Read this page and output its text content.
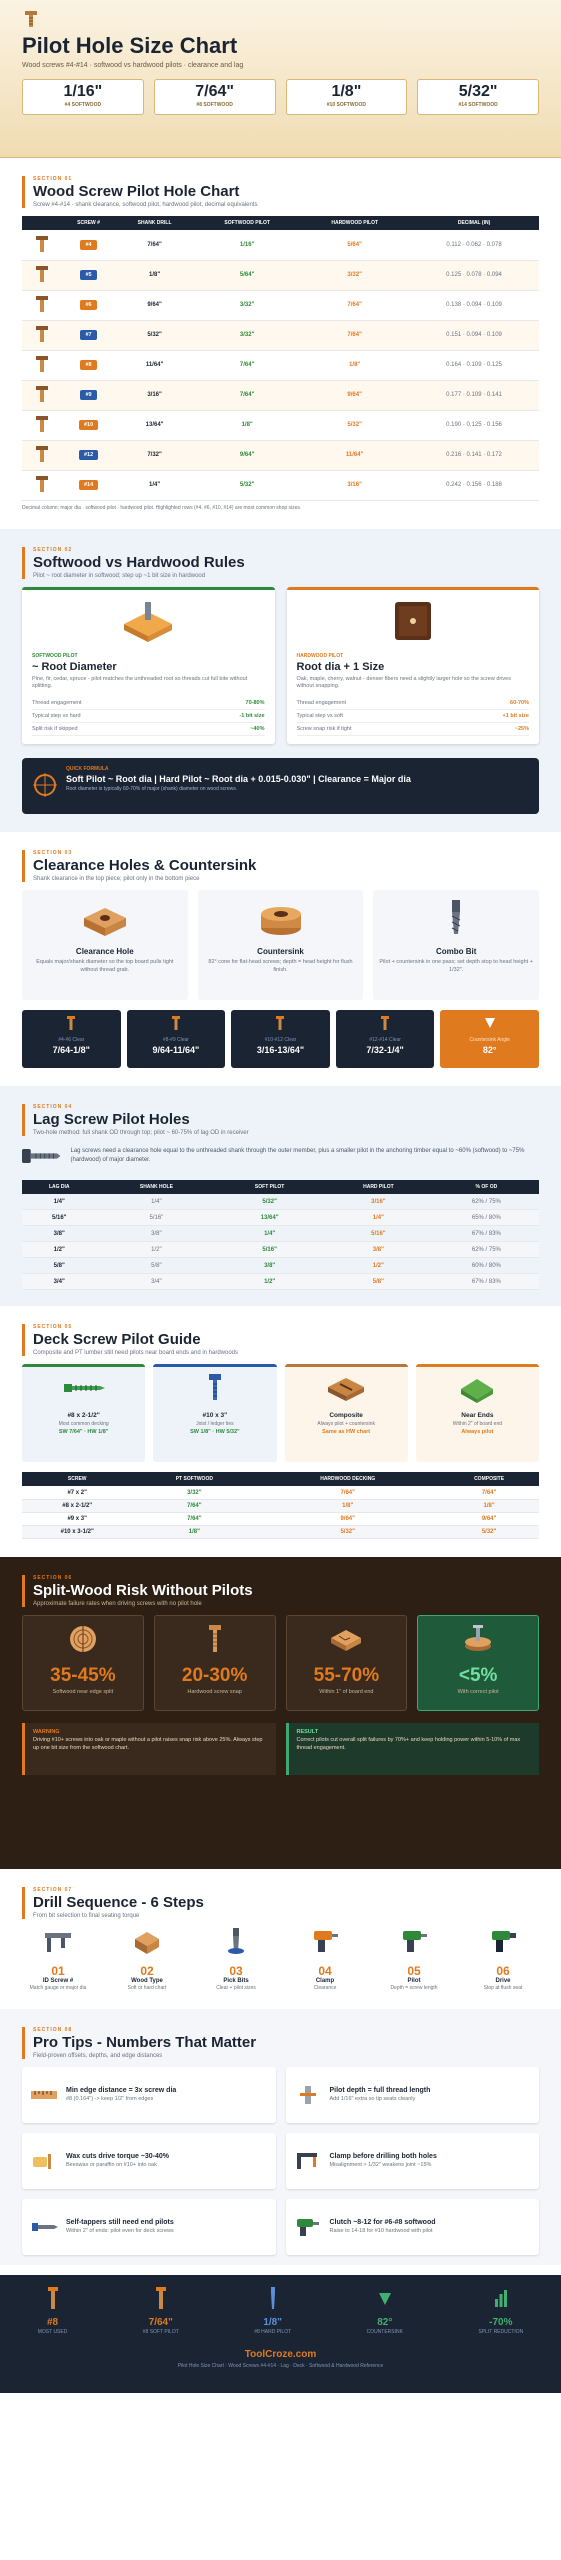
Pilot Hole Size Chart
Wood screws #4-#14 · softwood vs hardwood pilots · clearance and lag
1/16"
#4 SOFTWOOD
7/64"
#8 SOFTWOOD
1/8"
#10 SOFTWOOD
5/32"
#14 SOFTWOOD
SECTION 01
Wood Screw Pilot Hole Chart
Screw #4-#14 · shank clearance, softwood pilot, hardwood pilot, decimal equivalents
	SCREW #	SHANK DRILL	SOFTWOOD PILOT	HARDWOOD PILOT	DECIMAL (IN)
	#4	7/64"	1/16"	5/64"	0.112 · 0.062 · 0.078
	#5	1/8"	5/64"	3/32"	0.125 · 0.078 · 0.094
	#6	9/64"	3/32"	7/64"	0.138 · 0.094 · 0.109
	#7	5/32"	3/32"	7/64"	0.151 · 0.094 · 0.109
	#8	11/64"	7/64"	1/8"	0.164 · 0.109 · 0.125
	#9	3/16"	7/64"	9/64"	0.177 · 0.109 · 0.141
	#10	13/64"	1/8"	5/32"	0.190 · 0.125 · 0.156
	#12	7/32"	9/64"	11/64"	0.216 · 0.141 · 0.172
	#14	1/4"	5/32"	3/16"	0.242 · 0.156 · 0.188
Decimal column: major dia · softwood pilot · hardwood pilot. Highlighted rows (#4, #6, #10, #14) are most common shop sizes.
SECTION 02
Softwood vs Hardwood Rules
Pilot ~ root diameter in softwood; step up ~1 bit size in hardwood
SOFTWOOD PILOT
~ Root Diameter
Pine, fir, cedar, spruce - pilot matches the unthreaded root so threads cut full bite without splitting.
Thread engagement	70-80%
Typical step vs hard	-1 bit size
Split risk if skipped	~40%
HARDWOOD PILOT
Root dia + 1 Size
Oak, maple, cherry, walnut - denser fibers need a slightly larger hole so the screw drives without snapping.
Thread engagement	60-70%
Typical step vs soft	+1 bit size
Screw snap risk if tight	~25%
QUICK FORMULA
Soft Pilot ~ Root dia | Hard Pilot ~ Root dia + 0.015-0.030" | Clearance = Major dia
Root diameter is typically 60-70% of major (shank) diameter on wood screws.
SECTION 03
Clearance Holes & Countersink
Shank clearance in the top piece; pilot only in the bottom piece
Clearance Hole
Equals major/shank diameter so the top board pulls tight without thread grab.
Countersink
82° cone for flat-head screws; depth = head height for flush finish.
Combo Bit
Pilot + countersink in one pass; set depth stop to head height + 1/32".
#4-#6 Clear
7/64-1/8"
#8-#9 Clear
9/64-11/64"
#10-#12 Clear
3/16-13/64"
#12-#14 Clear
7/32-1/4"
Countersink Angle
82°
SECTION 04
Lag Screw Pilot Holes
Two-hole method: full shank OD through top; pilot ~ 60-75% of lag OD in receiver

Lag screws need a clearance hole equal to the unthreaded shank through the outer member, plus a smaller pilot in the anchoring timber equal to ~60% (softwood) to ~75% (hardwood) of major diameter.

LAG DIA	SHANK HOLE	SOFT PILOT	HARD PILOT	% OF OD
1/4"	1/4"	5/32"	3/16"	62% / 75%
5/16"	5/16"	13/64"	1/4"	65% / 80%
3/8"	3/8"	1/4"	5/16"	67% / 83%
1/2"	1/2"	5/16"	3/8"	62% / 75%
5/8"	5/8"	3/8"	1/2"	60% / 80%
3/4"	3/4"	1/2"	5/8"	67% / 83%
SECTION 05
Deck Screw Pilot Guide
Composite and PT lumber still need pilots near board ends and in hardwoods
#8 x 2-1/2"
Most common decking
SW 7/64" · HW 1/8"
#10 x 3"
Joist / ledger ties
SW 1/8" · HW 5/32"
Composite
Always pilot + countersink
Same as HW chart
Near Ends
Within 2" of board end
Always pilot
SCREW	PT SOFTWOOD	HARDWOOD DECKING	COMPOSITE
#7 x 2"	3/32"	7/64"	7/64"
#8 x 2-1/2"	7/64"	1/8"	1/8"
#9 x 3"	7/64"	9/64"	9/64"
#10 x 3-1/2"	1/8"	5/32"	5/32"
SECTION 06
Split-Wood Risk Without Pilots
Approximate failure rates when driving screws with no pilot hole
35-45%
Softwood near edge split
20-30%
Hardwood screw snap
55-70%
Within 1" of board end
<5%
With correct pilot
WARNING
Driving #10+ screws into oak or maple without a pilot raises snap risk above 25%. Always step up one bit size from the softwood chart.
RESULT
Correct pilots cut overall split failures by 70%+ and keep holding power within 5-10% of max thread engagement.
SECTION 07
Drill Sequence - 6 Steps
From bit selection to final seating torque
01
ID Screw #
Match gauge or major dia
02
Wood Type
Soft or hard chart
03
Pick Bits
Clear + pilot sizes
04
Clamp
Clearance
05
Pilot
Depth = screw length
06
Drive
Stop at flush seat
SECTION 08
Pro Tips - Numbers That Matter
Field-proven offsets, depths, and edge distances
Min edge distance = 3x screw dia
#8 (0.164") -> keep 1/2" from edges
Pilot depth = full thread length
Add 1/16" extra so tip seats cleanly
Wax cuts drive torque ~30-40%
Beeswax or paraffin on #10+ into oak
Clamp before drilling both holes
Misalignment > 1/32" weakens joint ~15%
Self-tappers still need end pilots
Within 2" of ends: pilot even for deck screws
Clutch ~8-12 for #6-#8 softwood
Raise to 14-18 for #10 hardwood with pilot
#8
MOST USED
7/64"
#8 SOFT PILOT
1/8"
#8 HARD PILOT
82°
COUNTERSINK
-70%
SPLIT REDUCTION
ToolCroze.com
Pilot Hole Size Chart · Wood Screws #4-#14 · Lag · Deck · Softwood & Hardwood Reference
